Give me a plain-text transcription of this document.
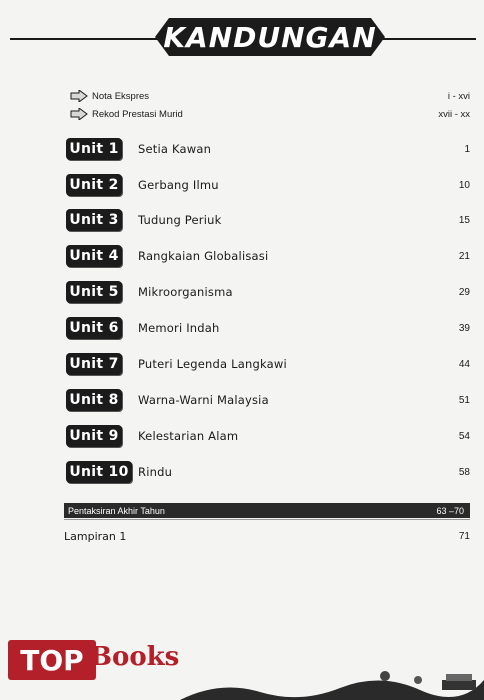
KANDUNGAN
Nota Ekspres	i - xvi
Rekod Prestasi Murid	xvii - xx
Unit 1 Setia Kawan	1
Unit 2 Gerbang Ilmu	10
Unit 3 Tudung Periuk	15
Unit 4 Rangkaian Globalisasi	21
Unit 5 Mikroorganisma	29
Unit 6 Memori Indah	39
Unit 7 Puteri Legenda Langkawi	44
Unit 8 Warna-Warni Malaysia	51
Unit 9 Kelestarian Alam	54
Unit 10 Rindu	58
Pentaksiran Akhir Tahun	63 –70
Lampiran 1	71
TOP Books
